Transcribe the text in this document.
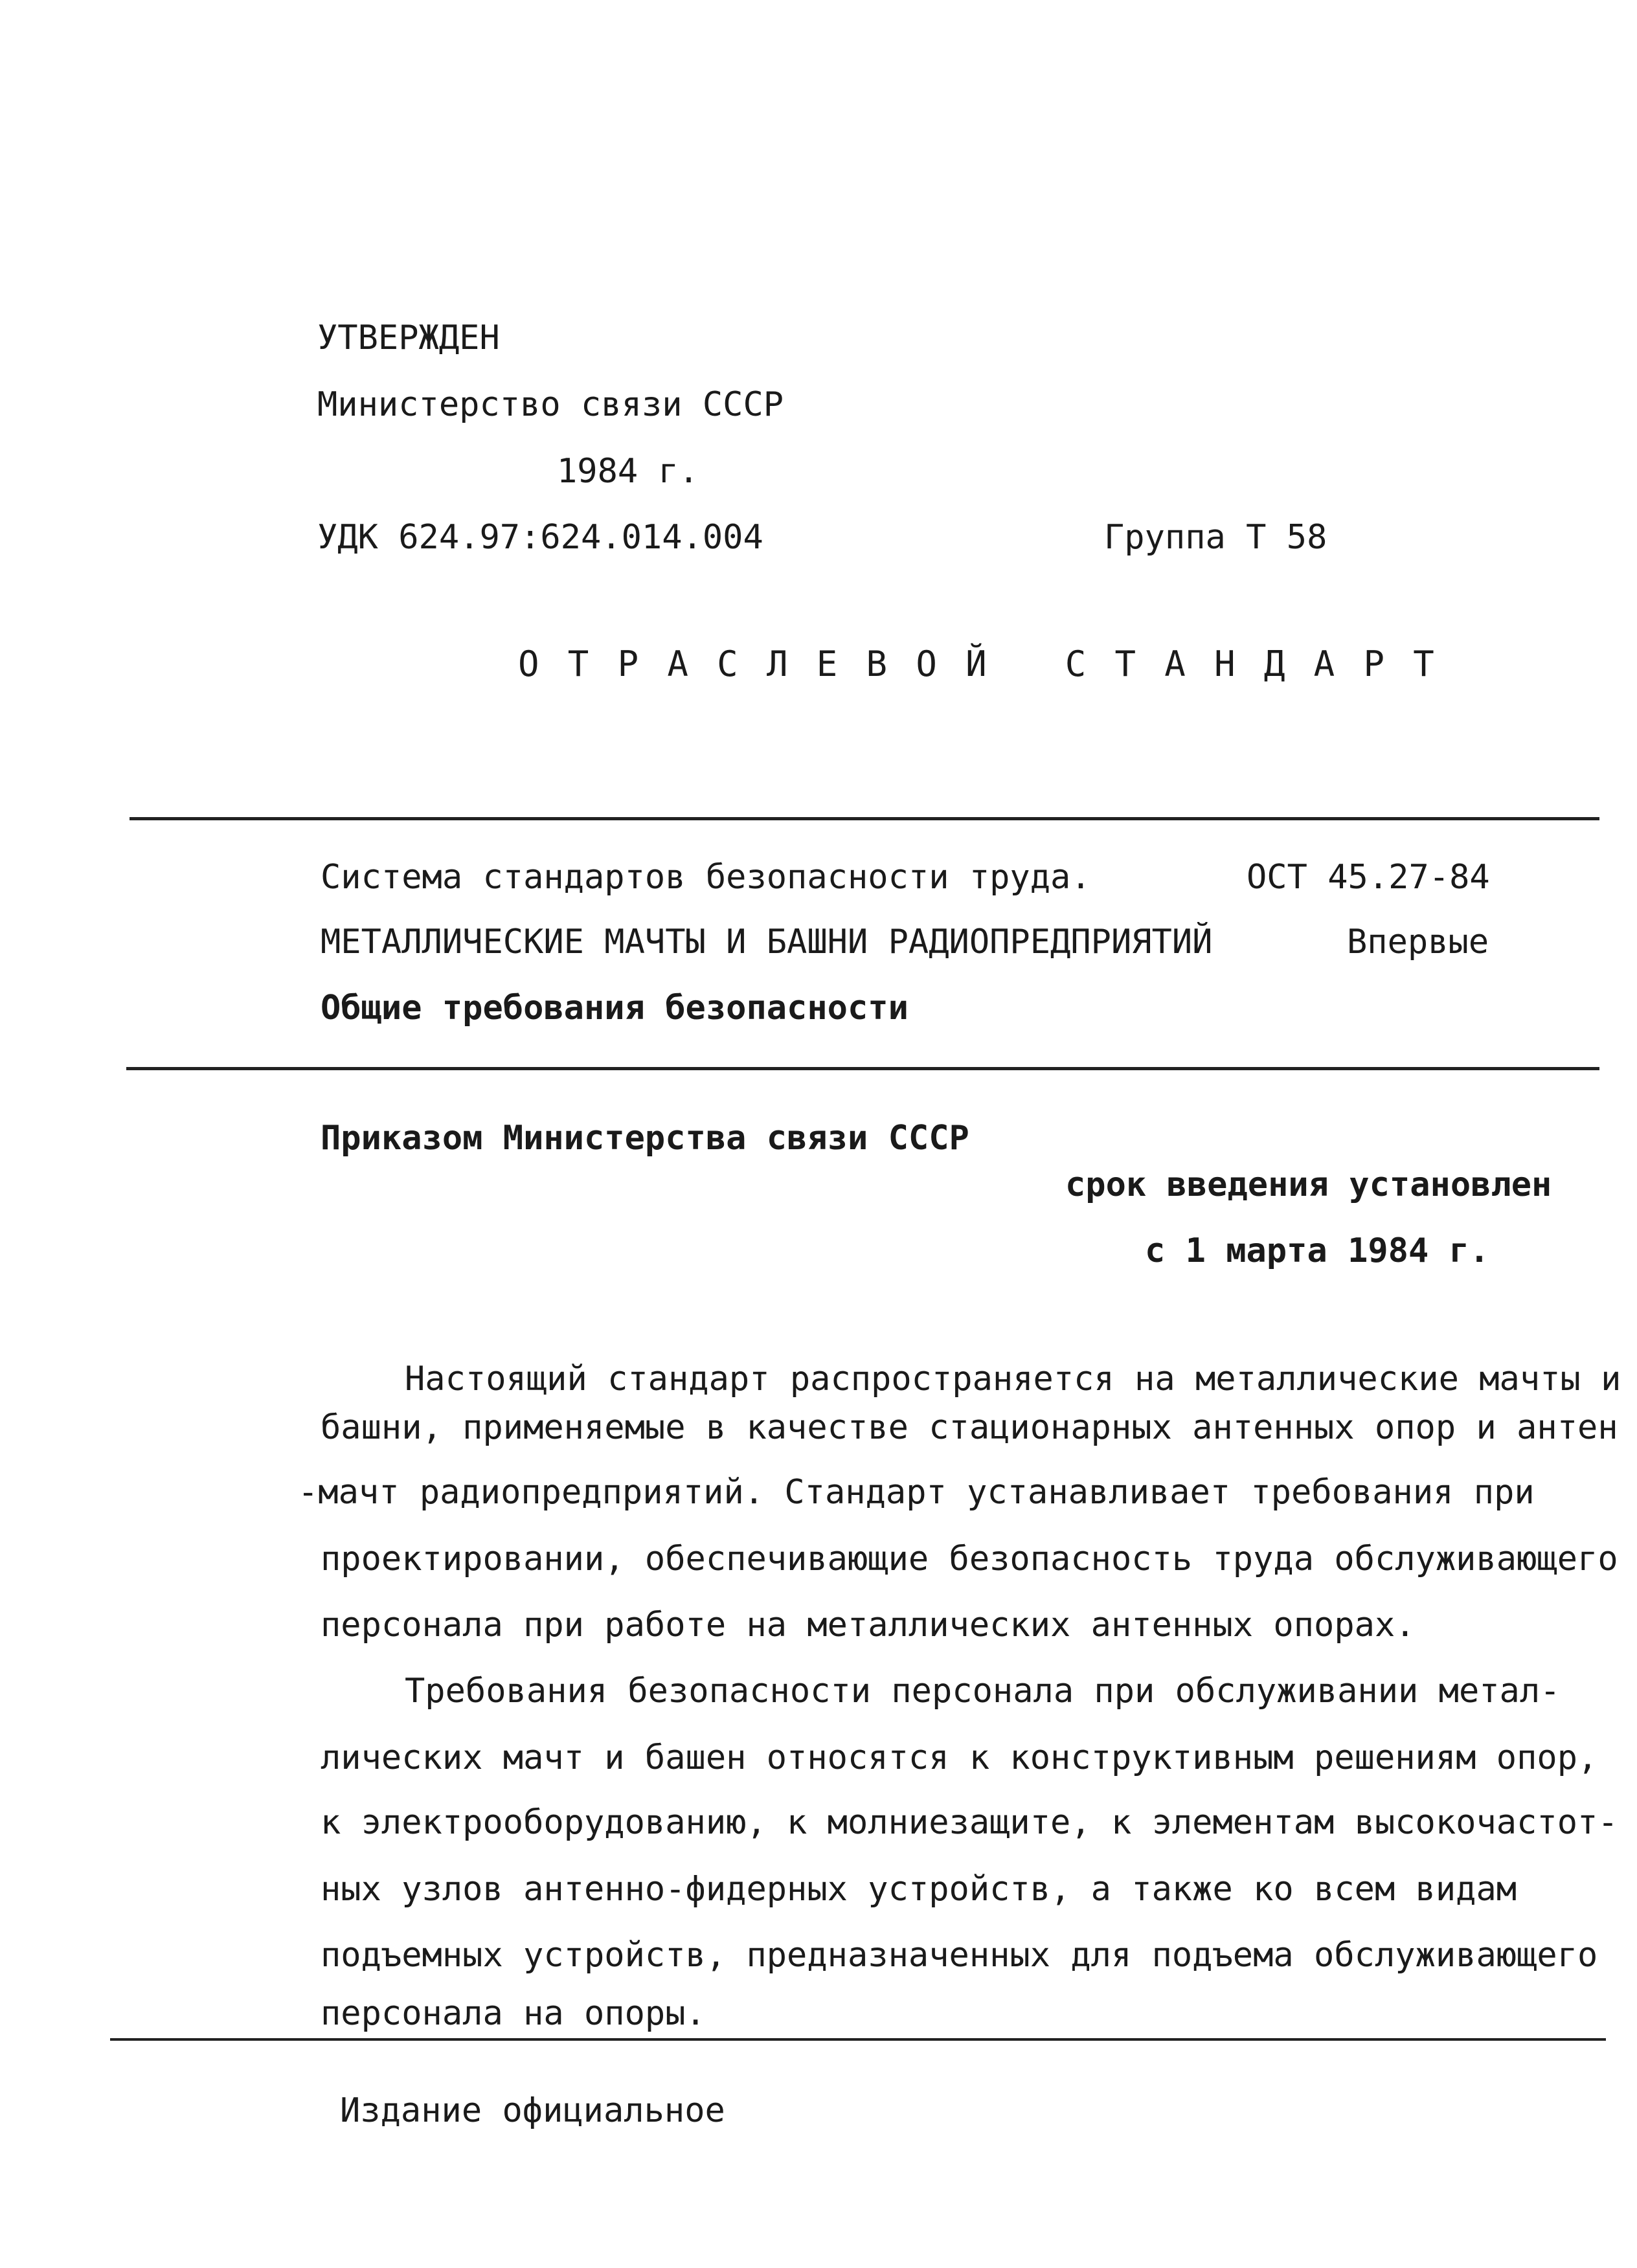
УТВЕРЖДЕН
Министерство связи СССР
1984 г.
УДК 624.97:624.014.004	Группа Т 58
ОТРАСЛЕВОЙ СТАНДАРТ
Система стандартов безопасности труда.	ОСТ 45.27-84
МЕТАЛЛИЧЕСКИЕ МАЧТЫ И БАШНИ РАДИОПРЕДПРИЯТИЙ	Впервые
Общие требования безопасности
Приказом Министерства связи СССР
срок введения установлен
с 1 марта 1984 г.
Настоящий стандарт распространяется на металлические мачты и
башни, применяемые в качестве стационарных антенных опор и антен
-мачт радиопредприятий. Стандарт устанавливает требования при
проектировании, обеспечивающие безопасность труда обслуживающего
персонала при работе на металлических антенных опорах.
Требования безопасности персонала при обслуживании метал-
лических мачт и башен относятся к конструктивным решениям опор,
к электрооборудованию, к молниезащите, к элементам высокочастот-
ных узлов антенно-фидерных устройств, а также ко всем видам
подъемных устройств, предназначенных для подъема обслуживающего
персонала на опоры.
Издание официальное
